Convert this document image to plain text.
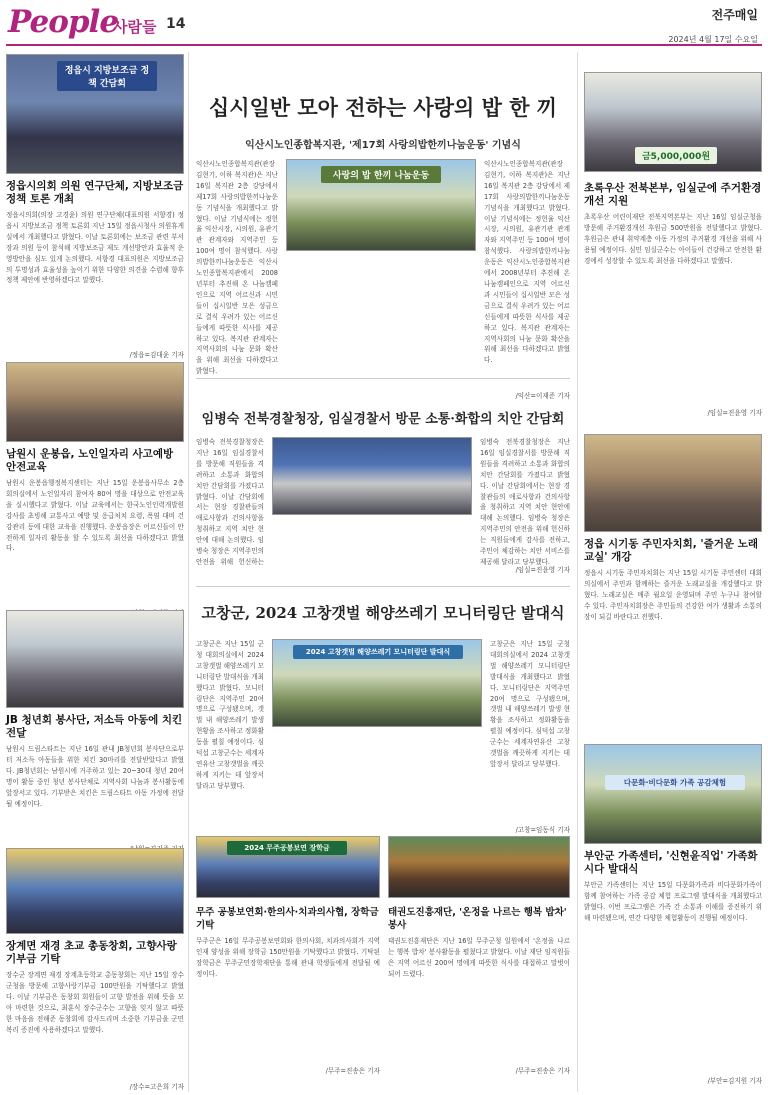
People
사람들 14
전주매일
2024년 4월 17일 수요일
정읍시 지방보조금 정책 간담회
정읍시의회 의원 연구단체, 지방보조금 정책 토론 개최
정읍시의회(의장 고경윤) 의원 연구단체(대표의원 서향경) 정읍시 지방보조금 정책 토론회 지난 15일 정읍시청사 의원휴게실에서 개최했다고 밝혔다. 이날 토론회에는 보조금 관련 부서장과 의원 등이 참석해 지방보조금 제도 개선방안과 효율적 운영방안을 심도 있게 논의했다. 서향경 대표의원은 지방보조금의 투명성과 효율성을 높이기 위한 다양한 의견을 수렴해 향후 정책 제안에 반영하겠다고 말했다.
/정읍=김대윤 기자
남원시 운봉읍, 노인일자리 사고예방 안전교육
남원시 운봉읍행정복지센터는 지난 15일 운봉읍사무소 2층 회의실에서 노인일자리 참여자 80여 명을 대상으로 안전교육을 실시했다고 밝혔다. 이날 교육에서는 한국노인인력개발원 강사를 초빙해 교통사고 예방 및 응급처치 요령, 폭염 대비 건강관리 등에 대한 교육을 진행했다. 운봉읍장은 어르신들이 안전하게 일자리 활동을 할 수 있도록 최선을 다하겠다고 밝혔다.
JB 청년회 봉사단, 저소득 아동에 치킨 전달
남원시 드림스타트는 지난 16일 관내 JB청년회 봉사단으로부터 저소득 아동들을 위한 치킨 30마리를 전달받았다고 밝혔다. JB청년회는 남원시에 거주하고 있는 20~30대 청년 20여 명이 활동 중인 청년 봉사단체로 지역사회 나눔과 봉사활동에 앞장서고 있다. 기부받은 치킨은 드림스타트 아동 가정에 전달될 예정이다.
장계면 재경 초교 총동창회, 고향사랑기부금 기탁
장수군 장계면 재경 장계초등학교 총동창회는 지난 15일 장수군청을 방문해 고향사랑기부금 100만원을 기탁했다고 밝혔다. 이날 기부금은 동창회 회원들이 고향 발전을 위해 뜻을 모아 마련한 것으로, 최훈식 장수군수는 고향을 잊지 않고 따뜻한 마음을 전해준 동창회에 감사드리며 소중한 기부금을 군민 복리 증진에 사용하겠다고 말했다.
/장수=고은희 기자
십시일반 모아 전하는 사랑의 밥 한 끼
익산시노인종합복지관, '제17회 사랑의밥한끼나눔운동' 기념식
익산시노인종합복지관(관장 김현기, 이하 복지관)은 지난 16일 복지관 2층 강당에서 제17회 사랑의밥한끼나눔운동 기념식을 개최했다고 밝혔다. 이날 기념식에는 정헌율 익산시장, 시의원, 유관기관 관계자와 지역주민 등 100여 명이 참석했다. 사랑의밥한끼나눔운동은 익산시노인종합복지관에서 2008년부터 추진해 온 나눔캠페인으로 지역 어르신과 시민들이 십시일반 모은 성금으로 결식 우려가 있는 어르신들에게 따뜻한 식사를 제공하고 있다. 복지관 관계자는 지역사회의 나눔 문화 확산을 위해 최선을 다하겠다고 밝혔다.
사랑의 밥 한끼 나눔운동
익산시노인종합복지관(관장 김현기, 이하 복지관)은 지난 16일 복지관 2층 강당에서 제17회 사랑의밥한끼나눔운동 기념식을 개최했다고 밝혔다. 이날 기념식에는 정헌율 익산시장, 시의원, 유관기관 관계자와 지역주민 등 100여 명이 참석했다. 사랑의밥한끼나눔운동은 익산시노인종합복지관에서 2008년부터 추진해 온 나눔캠페인으로 지역 어르신과 시민들이 십시일반 모은 성금으로 결식 우려가 있는 어르신들에게 따뜻한 식사를 제공하고 있다. 복지관 관계자는 지역사회의 나눔 문화 확산을 위해 최선을 다하겠다고 밝혔다.
/익산=이재준 기자
임병숙 전북경찰청장, 임실경찰서 방문 소통·화합의 치안 간담회
임병숙 전북경찰청장은 지난 16일 임실경찰서를 방문해 직원들을 격려하고 소통과 화합의 치안 간담회를 가졌다고 밝혔다. 이날 간담회에서는 현장 경찰관들의 애로사항과 건의사항을 청취하고 지역 치안 현안에 대해 논의했다. 임병숙 청장은 지역주민의 안전을 위해 헌신하는
임병숙 전북경찰청장은 지난 16일 임실경찰서를 방문해 직원들을 격려하고 소통과 화합의 치안 간담회를 가졌다고 밝혔다. 이날 간담회에서는 현장 경찰관들의 애로사항과 건의사항을 청취하고 지역 치안 현안에 대해 논의했다. 임병숙 청장은 지역주민의 안전을 위해 헌신하는 직원들에게 감사를 전하고, 주민이 체감하는 치안 서비스를 제공해 달라고 당부했다.
/임실=진윤영 기자
고창군, 2024 고창갯벌 해양쓰레기 모니터링단 발대식
고창군은 지난 15일 군청 대회의실에서 2024 고창갯벌 해양쓰레기 모니터링단 발대식을 개최했다고 밝혔다. 모니터링단은 지역주민 20여 명으로 구성됐으며, 갯벌 내 해양쓰레기 발생 현황을 조사하고 정화활동을 펼칠 예정이다. 심덕섭 고창군수는 세계자연유산 고창갯벌을 깨끗하게 지키는 데 앞장서 달라고 당부했다.
2024 고창갯벌 해양쓰레기 모니터링단 발대식
고창군은 지난 15일 군청 대회의실에서 2024 고창갯벌 해양쓰레기 모니터링단 발대식을 개최했다고 밝혔다. 모니터링단은 지역주민 20여 명으로 구성됐으며, 갯벌 내 해양쓰레기 발생 현황을 조사하고 정화활동을 펼칠 예정이다. 심덕섭 고창군수는 세계자연유산 고창갯벌을 깨끗하게 지키는 데 앞장서 달라고 당부했다.
/고창=임동식 기자
2024 무주공봉보연 장학금
무주 공봉보연회·한의사·치과의사협, 장학금 기탁
무주군은 16일 무주공봉보연회와 한의사회, 치과의사회가 지역 인재 양성을 위해 장학금 150만원을 기탁했다고 밝혔다. 기탁된 장학금은 무주군민장학재단을 통해 관내 학생들에게 전달될 예정이다.
/무주=진송은 기자
태권도진흥재단, '온정을 나르는 행복 밥차' 봉사
태권도진흥재단은 지난 16일 무주군청 일원에서 '온정을 나르는 행복 밥차' 봉사활동을 펼쳤다고 밝혔다. 이날 재단 임직원들은 지역 어르신 200여 명에게 따뜻한 식사를 대접하고 말벗이 되어 드렸다.
/무주=진송은 기자
금5,000,000원
초록우산 전북본부, 임실군에 주거환경개선 지원
초록우산 어린이재단 전북지역본부는 지난 16일 임실군청을 방문해 주거환경개선 후원금 500만원을 전달했다고 밝혔다. 후원금은 관내 취약계층 아동 가정의 주거환경 개선을 위해 사용될 예정이다. 심민 임실군수는 아이들이 건강하고 안전한 환경에서 성장할 수 있도록 최선을 다하겠다고 말했다.
/임실=진윤영 기자
정읍 시기동 주민자치회, '즐거운 노래교실' 개강
정읍시 시기동 주민자치회는 지난 15일 시기동 주민센터 대회의실에서 주민과 함께하는 즐거운 노래교실을 개강했다고 밝혔다. 노래교실은 매주 월요일 운영되며 주민 누구나 참여할 수 있다. 주민자치회장은 주민들의 건강한 여가 생활과 소통의 장이 되길 바란다고 전했다.
다문화·비다문화 가족 공감체험
부안군 가족센터, '신현윤직업' 가족화시다 발대식
부안군 가족센터는 지난 15일 다문화가족과 비다문화가족이 함께 참여하는 가족 공감 체험 프로그램 발대식을 개최했다고 밝혔다. 이번 프로그램은 가족 간 소통과 이해를 증진하기 위해 마련됐으며, 연간 다양한 체험활동이 진행될 예정이다.
/부안=김지원 기자
